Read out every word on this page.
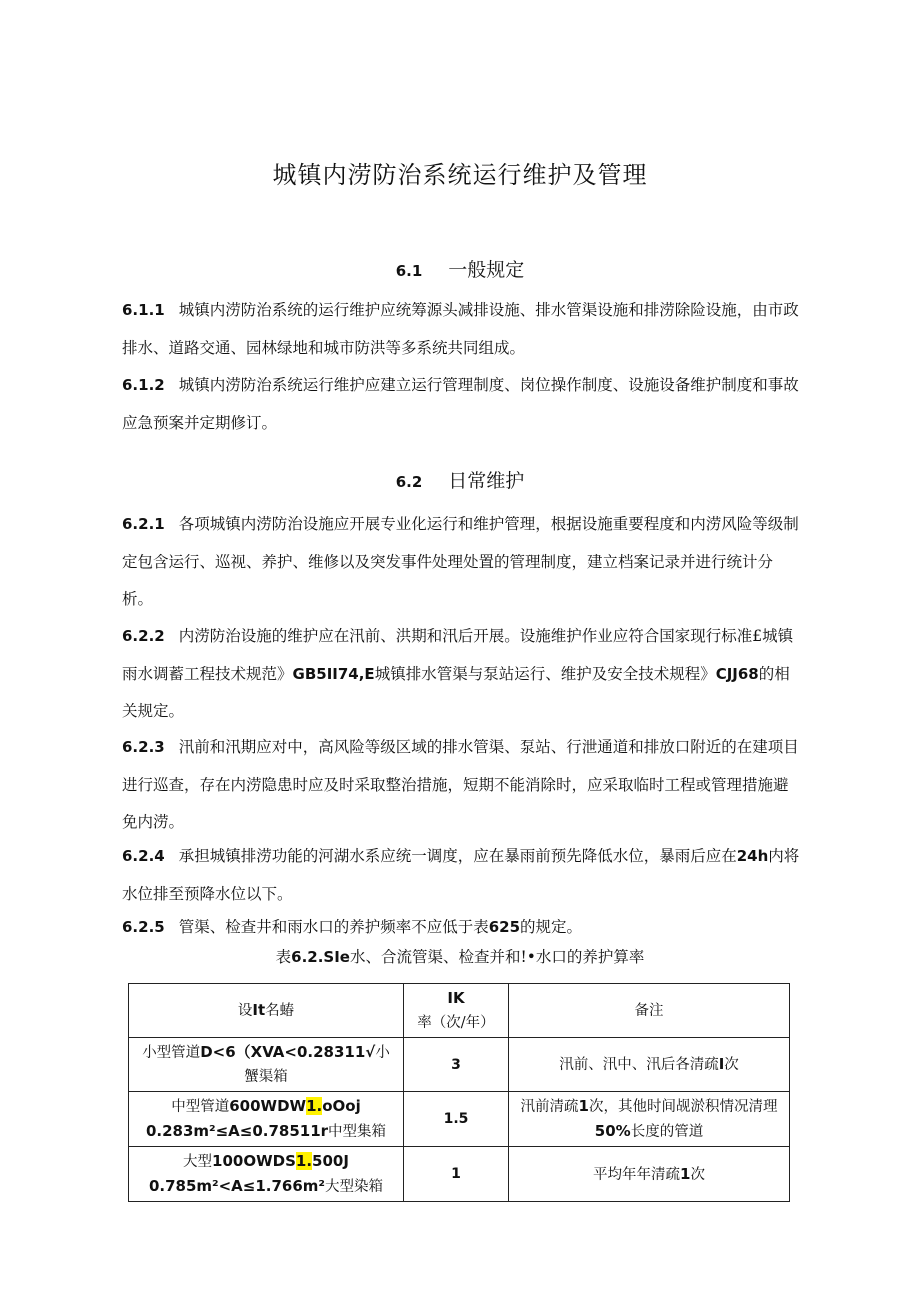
城镇内涝防治系统运行维护及管理
6.1 一般规定
6.1.1 城镇内涝防治系统的运行维护应统筹源头减排设施、排水管渠设施和排涝除险设施，由市政排水、道路交通、园林绿地和城市防洪等多系统共同组成。
6.1.2 城镇内涝防治系统运行维护应建立运行管理制度、岗位操作制度、设施设备维护制度和事故应急预案并定期修订。
6.2 日常维护
6.2.1 各项城镇内涝防治设施应开展专业化运行和维护管理，根据设施重要程度和内涝风险等级制定包含运行、巡视、养护、维修以及突发事件处理处置的管理制度，建立档案记录并进行统计分析。
6.2.2 内涝防治设施的维护应在汛前、洪期和汛后开展。设施维护作业应符合国家现行标准£城镇雨水调蓄工程技术规范》GB5II74,E城镇排水管渠与泵站运行、维护及安全技术规程》CJJ68的相关规定。
6.2.3 汛前和汛期应对中，高风险等级区域的排水管渠、泵站、行泄通道和排放口附近的在建项目进行巡查，存在内涝隐患时应及时采取整治措施，短期不能消除时，应采取临时工程或管理措施避免内涝。
6.2.4 承担城镇排涝功能的河湖水系应统一调度，应在暴雨前预先降低水位，暴雨后应在24h内将水位排至预降水位以下。
6.2.5 管渠、检查井和雨水口的养护频率不应低于表625的规定。
表6.2.SIe水、合流管渠、检查并和!•水口的养护算率
设It名蝽	IK率（次/年）	备注
小型管道D<6（XVA<0.28311√小蟹渠箱	3	汛前、汛中、汛后各清疏I次

中型管道600WDW1.oOoj
0.283m²≤A≤0.78511r中型集箱	1.5	汛前清疏1次，其他时间觇淤积情况清理50%长度的管道

大型100OWDS1.500J
0.785m²<A≤1.766m²大型染箱	1	平均年年清疏1次
